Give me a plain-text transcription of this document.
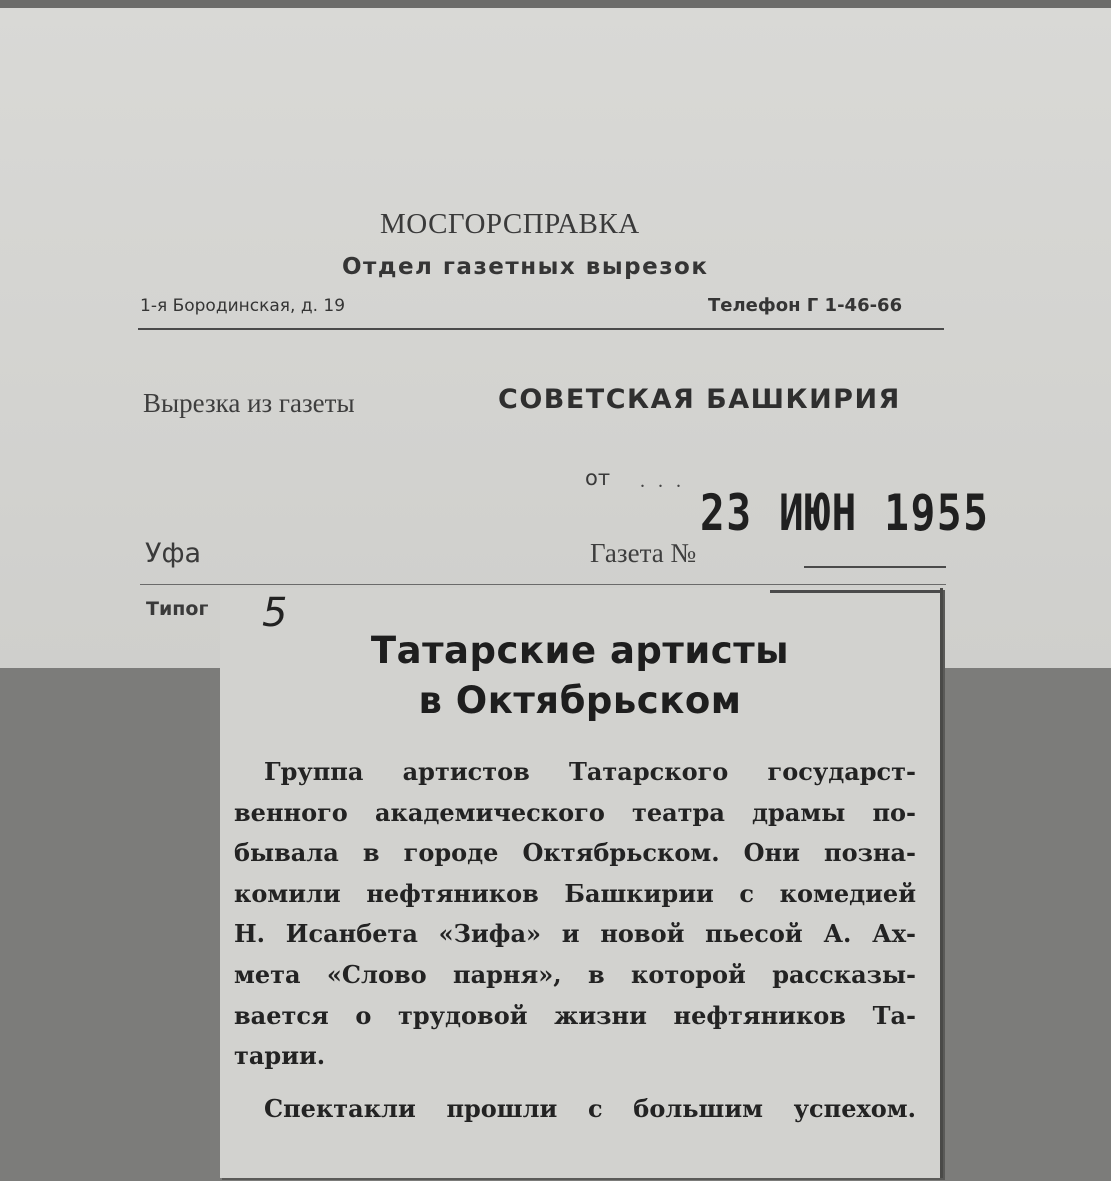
МОСГОРСПРАВКА
Отдел газетных вырезок
1-я Бородинская, д. 19	Телефон Г 1-46-66
Вырезка из газеты	СОВЕТСКАЯ БАШКИРИЯ
от . . .
23 ИЮН 1955
Уфа	Газета №
Типог 5
Татарские артисты
в Октябрьском
Группа артистов Татарского государст-
венного академического театра драмы по-
бывала в городе Октябрьском. Они позна-
комили нефтяников Башкирии с комедией
Н. Исанбета «Зифа» и новой пьесой А. Ах-
мета «Слово парня», в которой рассказы-
вается о трудовой жизни нефтяников Та-
тарии.
Спектакли прошли с большим успехом.
